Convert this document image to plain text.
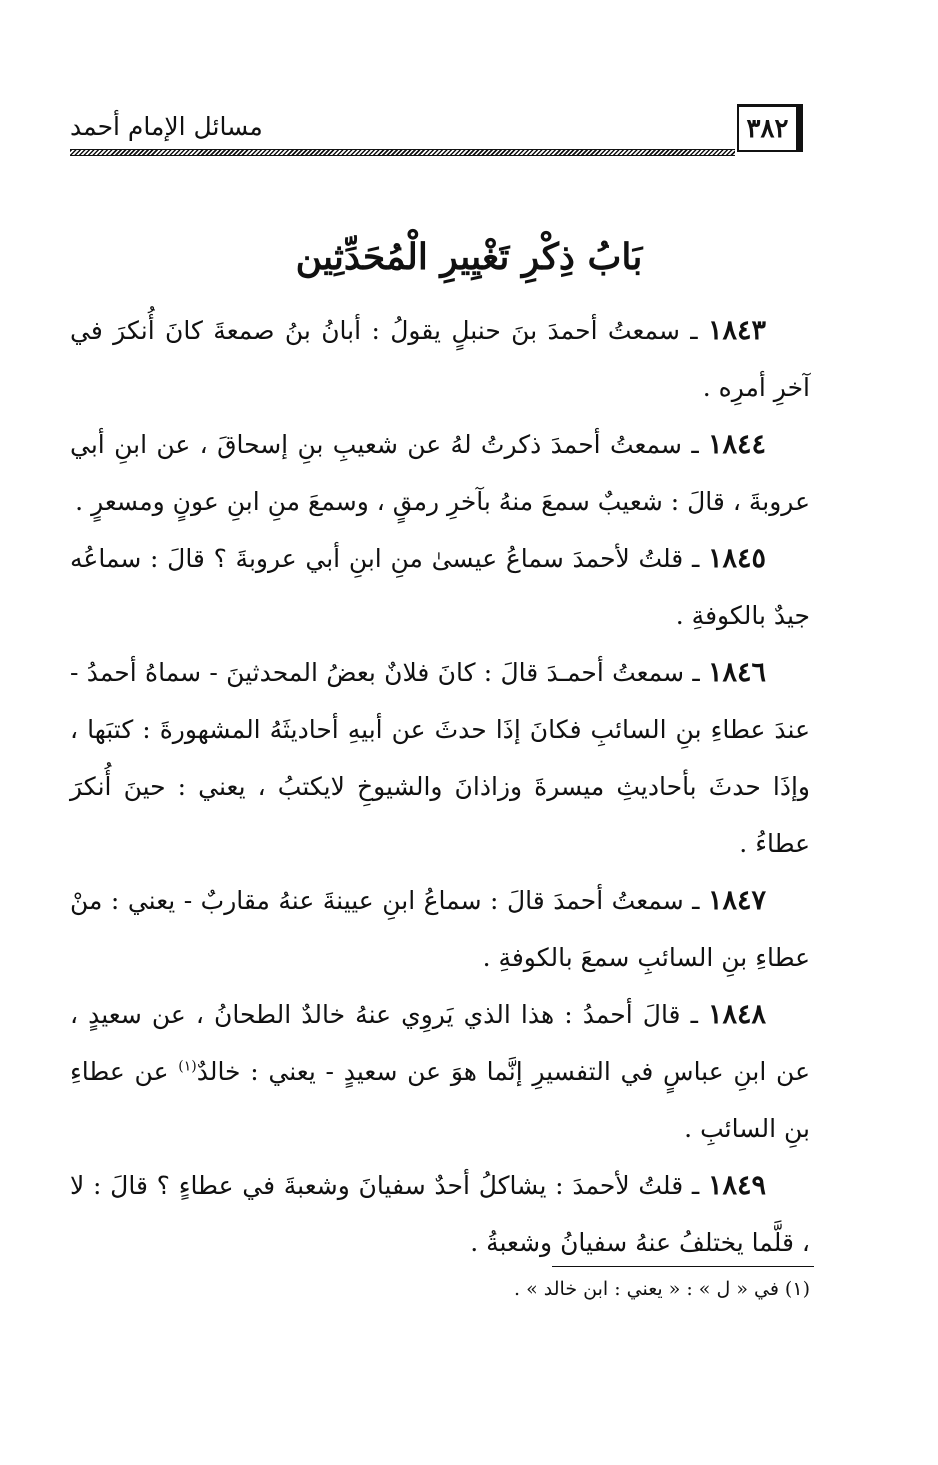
مسائل الإمام أحمد	٣٨٢
بَابُ ذِكْرِ تَغْيِيرِ الْمُحَدِّثِين

١٨٤٣ ـ سمعتُ أحمدَ بنَ حنبلٍ يقولُ : أبانُ بنُ صمعةَ كانَ أُنكرَ في آخرِ أمرِه .

١٨٤٤ ـ سمعتُ أحمدَ ذكرتُ لهُ عن شعيبِ بنِ إسحاقَ ، عن ابنِ أبي عروبةَ ، قالَ : شعيبٌ سمعَ منهُ بآخرِ رمقٍ ، وسمعَ منِ ابنِ عونٍ ومسعرٍ .

١٨٤٥ ـ قلتُ لأحمدَ سماعُ عيسىٰ منِ ابنِ أبي عروبةَ ؟ قالَ : سماعُه جيدٌ بالكوفةِ .

١٨٤٦ ـ سمعتُ أحمـدَ قالَ : كانَ فلانٌ بعضُ المحدثينَ - سماهُ أحمدُ - عندَ عطاءِ بنِ السائبِ فكانَ إذَا حدثَ عن أبيهِ أحاديثَهُ المشهورةَ : كتبَها ، وإذَا حدثَ بأحاديثِ ميسرةَ وزاذانَ والشيوخِ لايكتبُ ، يعني : حينَ أُنكرَ عطاءُ .

١٨٤٧ ـ سمعتُ أحمدَ قالَ : سماعُ ابنِ عيينةَ عنهُ مقاربٌ - يعني : منْ عطاءِ بنِ السائبِ سمعَ بالكوفةِ .

١٨٤٨ ـ قالَ أحمدُ : هذا الذي يَروِي عنهُ خالدٌ الطحانُ ، عن سعيدٍ ، عن ابنِ عباسٍ في التفسيرِ إنَّما هوَ عن سعيدٍ - يعني : خالدٌ$^{(١)}$ عن عطاءِ بنِ السائبِ .

١٨٤٩ ـ قلتُ لأحمدَ : يشاكلُ أحدٌ سفيانَ وشعبةَ في عطاءٍ ؟ قالَ : لا ، قلَّما يختلفُ عنهُ سفيانُ وشعبةُ .

(١) في « ل » : « يعني : ابن خالد » .
